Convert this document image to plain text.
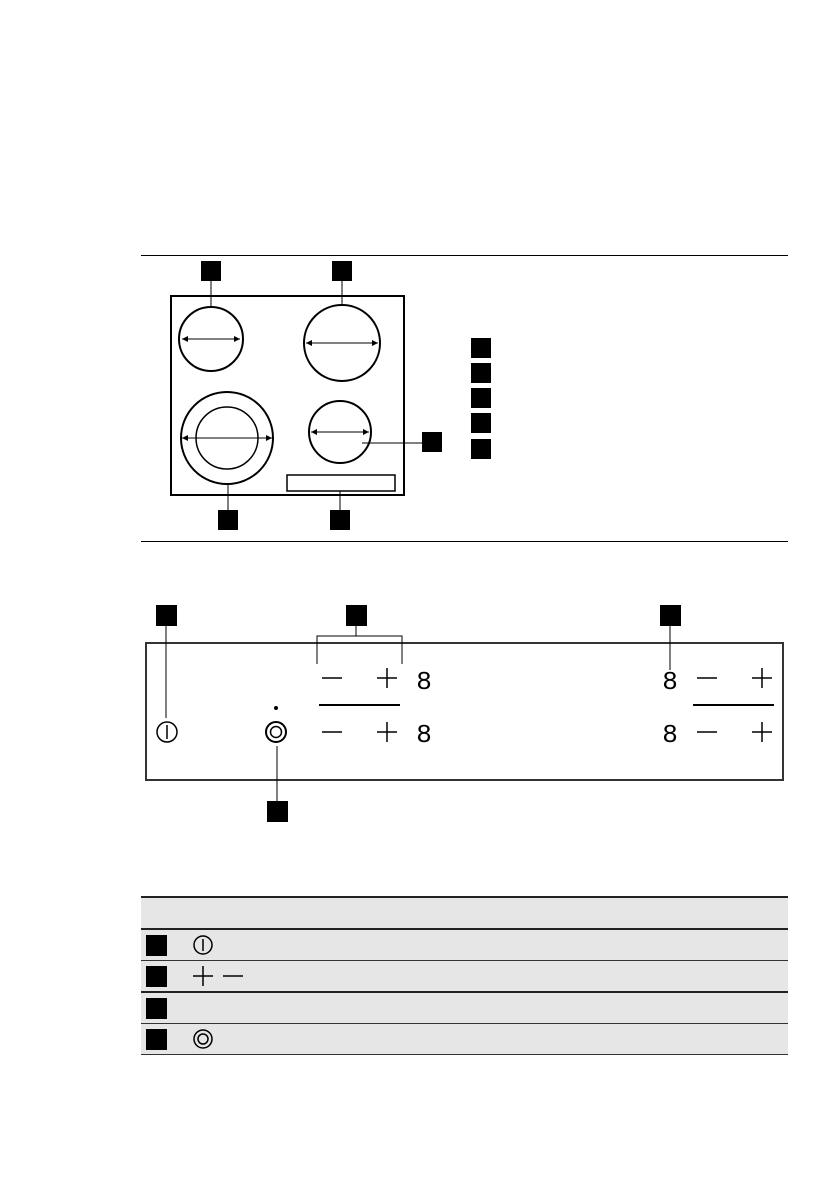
8
8
8
8
